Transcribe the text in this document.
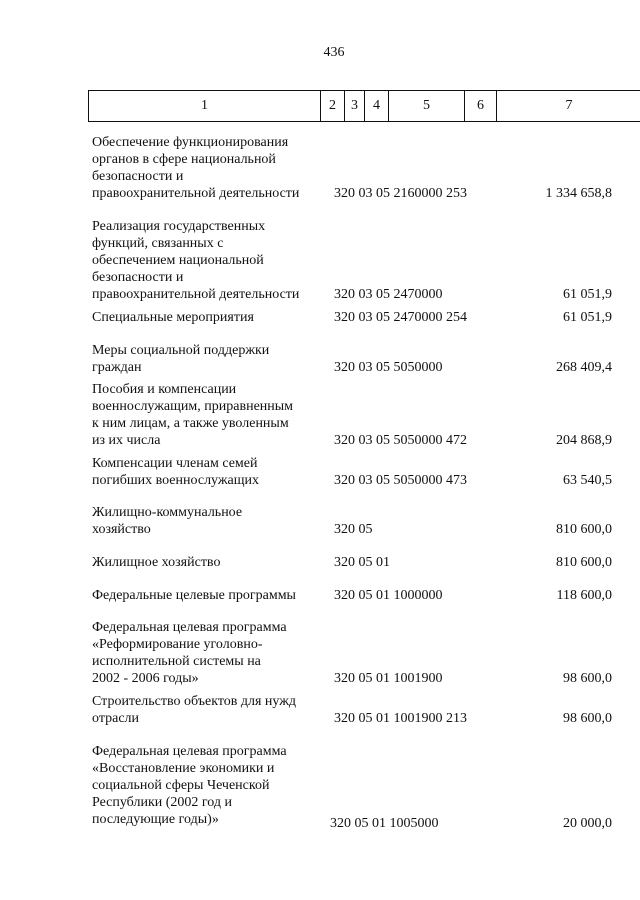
436
1	2	3	4	5	6	7
Обеспечение функционирования
органов в сфере национальной
безопасности и
правоохранительной деятельности	320 03 05 2160000 253	1 334 658,8
Реализация государственных
функций, связанных с
обеспечением национальной
безопасности и
правоохранительной деятельности	320 03 05 2470000	61 051,9
Специальные мероприятия	320 03 05 2470000 254	61 051,9
Меры социальной поддержки
граждан	320 03 05 5050000	268 409,4
Пособия и компенсации
военнослужащим, приравненным
к ним лицам, а также уволенным
из их числа	320 03 05 5050000 472	204 868,9
Компенсации членам семей
погибших военнослужащих	320 03 05 5050000 473	63 540,5
Жилищно-коммунальное
хозяйство	320 05	810 600,0
Жилищное хозяйство	320 05 01	810 600,0
Федеральные целевые программы	320 05 01 1000000	118 600,0
Федеральная целевая программа
«Реформирование уголовно-
исполнительной системы на
2002 - 2006 годы»	320 05 01 1001900	98 600,0
Строительство объектов для нужд
отрасли	320 05 01 1001900 213	98 600,0
Федеральная целевая программа
«Восстановление экономики и
социальной сферы Чеченской
Республики (2002 год и
последующие годы)»	320 05 01 1005000	20 000,0
